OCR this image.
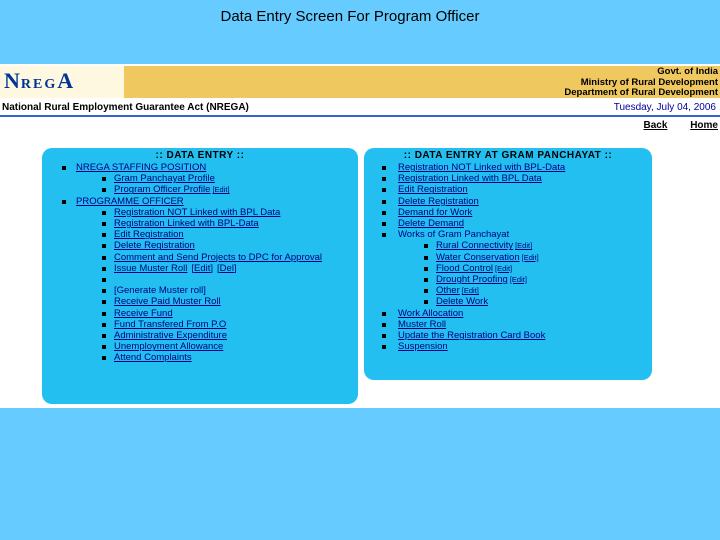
Data Entry Screen For Program Officer
NREGA	Govt. of India
Ministry of Rural Development
Department of Rural Development
National Rural Employment Guarantee Act (NREGA)	Tuesday, July 04, 2006
Back Home
:: DATA ENTRY ::
NREGA STAFFING POSITION
Gram Panchayat Profile
Program Officer Profile [Edit]
PROGRAMME OFFICER
Registration NOT Linked with BPL Data
Registration Linked with BPL-Data
Edit Registration
Delete Registration
Comment and Send Projects to DPC for Approval
Issue Muster Roll [Edit] [Del]

[Generate Muster roll]
Receive Paid Muster Roll
Receive Fund
Fund Transfered From P.O
Administrative Expenditure
Unemployment Allowance
Attend Complaints
:: DATA ENTRY AT GRAM PANCHAYAT ::
Registration NOT Linked with BPL-Data
Registration Linked with BPL Data
Edit Registration
Delete Registration
Demand for Work
Delete Demand
Works of Gram Panchayat
Rural Connectivity [Edit]
Water Conservation [Edit]
Flood Control [Edit]
Drought Proofing [Edit]
Other [Edit]
Delete Work
Work Allocation
Muster Roll
Update the Registration Card Book
Suspension
